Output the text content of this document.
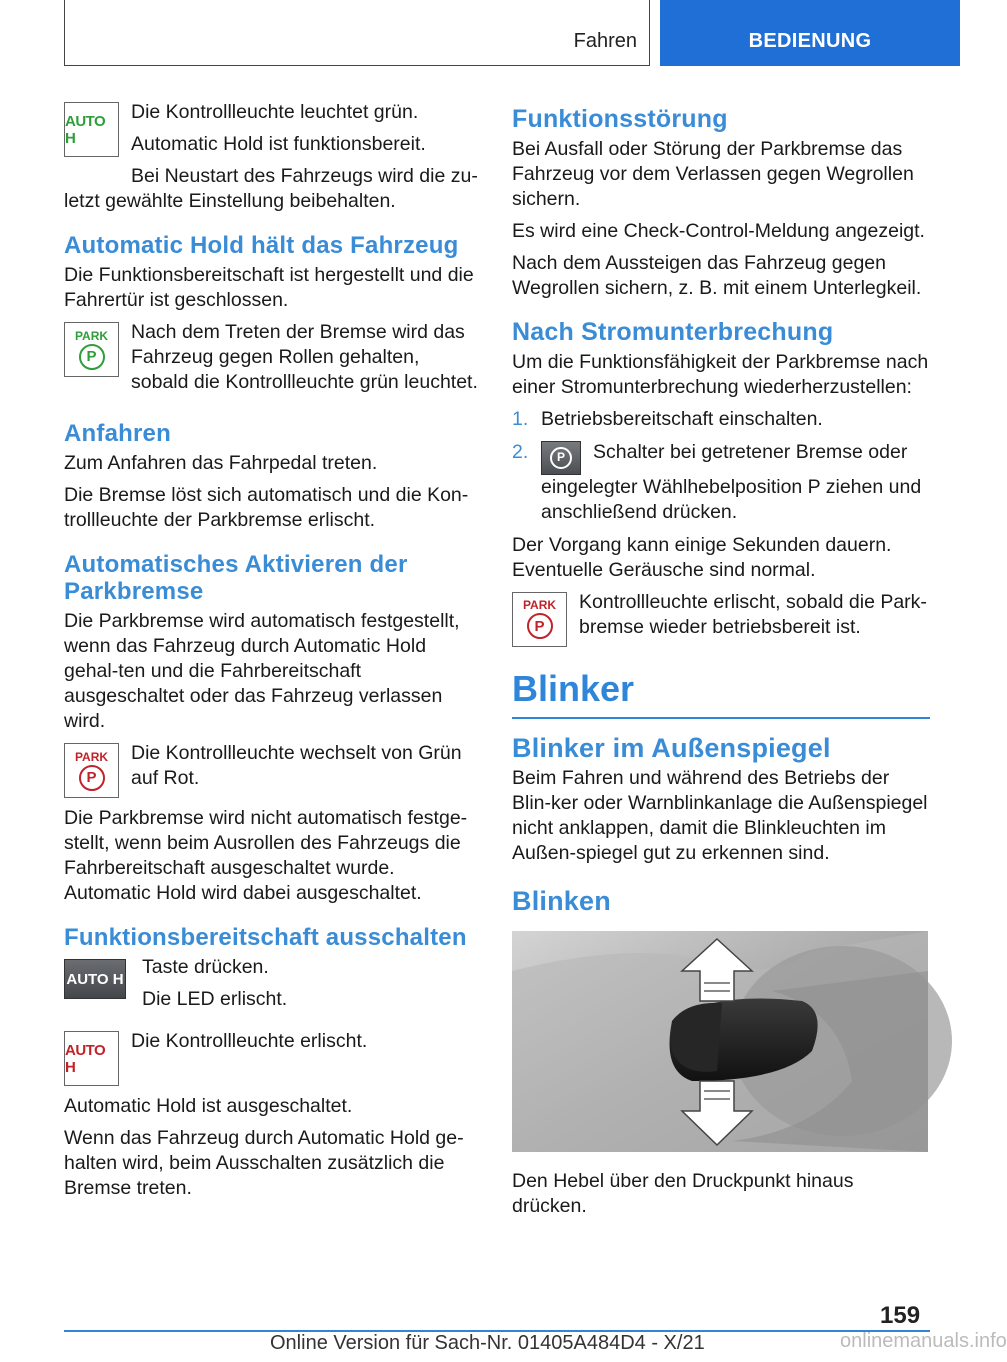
Fahren	BEDIENUNG
AUTO H

Die Kontrollleuchte leuchtet grün.

Automatic Hold ist funktionsbereit.

Bei Neustart des Fahrzeugs wird die zu-

letzt gewählte Einstellung beibehalten.

Automatic Hold hält das Fahrzeug

Die Funktionsbereitschaft ist hergestellt und die Fahrertür ist geschlossen.

PARK
P

Nach dem Treten der Bremse wird das Fahrzeug gegen Rollen gehalten, sobald die Kontrollleuchte grün leuchtet.

Anfahren

Zum Anfahren das Fahrpedal treten.

Die Bremse löst sich automatisch und die Kon-trollleuchte der Parkbremse erlischt.

Automatisches Aktivieren der Parkbremse

Die Parkbremse wird automatisch festgestellt, wenn das Fahrzeug durch Automatic Hold gehal-ten und die Fahrbereitschaft ausgeschaltet oder das Fahrzeug verlassen wird.

PARK
P

Die Kontrollleuchte wechselt von Grün auf Rot.

Die Parkbremse wird nicht automatisch festge-stellt, wenn beim Ausrollen des Fahrzeugs die Fahrbereitschaft ausgeschaltet wurde. Automatic Hold wird dabei ausgeschaltet.

Funktionsbereitschaft ausschalten
AUTO H

Taste drücken.

Die LED erlischt.

AUTO H

Die Kontrollleuchte erlischt.

Automatic Hold ist ausgeschaltet.

Wenn das Fahrzeug durch Automatic Hold ge-halten wird, beim Ausschalten zusätzlich die Bremse treten.

Funktionsstörung

Bei Ausfall oder Störung der Parkbremse das Fahrzeug vor dem Verlassen gegen Wegrollen sichern.

Es wird eine Check-Control-Meldung angezeigt.

Nach dem Aussteigen das Fahrzeug gegen Wegrollen sichern, z. B. mit einem Unterlegkeil.

Nach Stromunterbrechung

Um die Funktionsfähigkeit der Parkbremse nach einer Stromunterbrechung wiederherzustellen:

1. Betriebsbereitschaft einschalten.
2.	P	Schalter bei getretener Bremse oder eingelegter Wählhebelposition P ziehen und anschließend drücken.

Der Vorgang kann einige Sekunden dauern.

Eventuelle Geräusche sind normal.

PARK
P

Kontrollleuchte erlischt, sobald die Park-bremse wieder betriebsbereit ist.

Blinker
Blinker im Außenspiegel

Beim Fahren und während des Betriebs der Blin-ker oder Warnblinkanlage die Außenspiegel nicht anklappen, damit die Blinkleuchten im Außen-spiegel gut zu erkennen sind.

Blinken

Den Hebel über den Druckpunkt hinaus drücken.

159
Online Version für Sach-Nr. 01405A484D4 - X/21	onlinemanuals.info
